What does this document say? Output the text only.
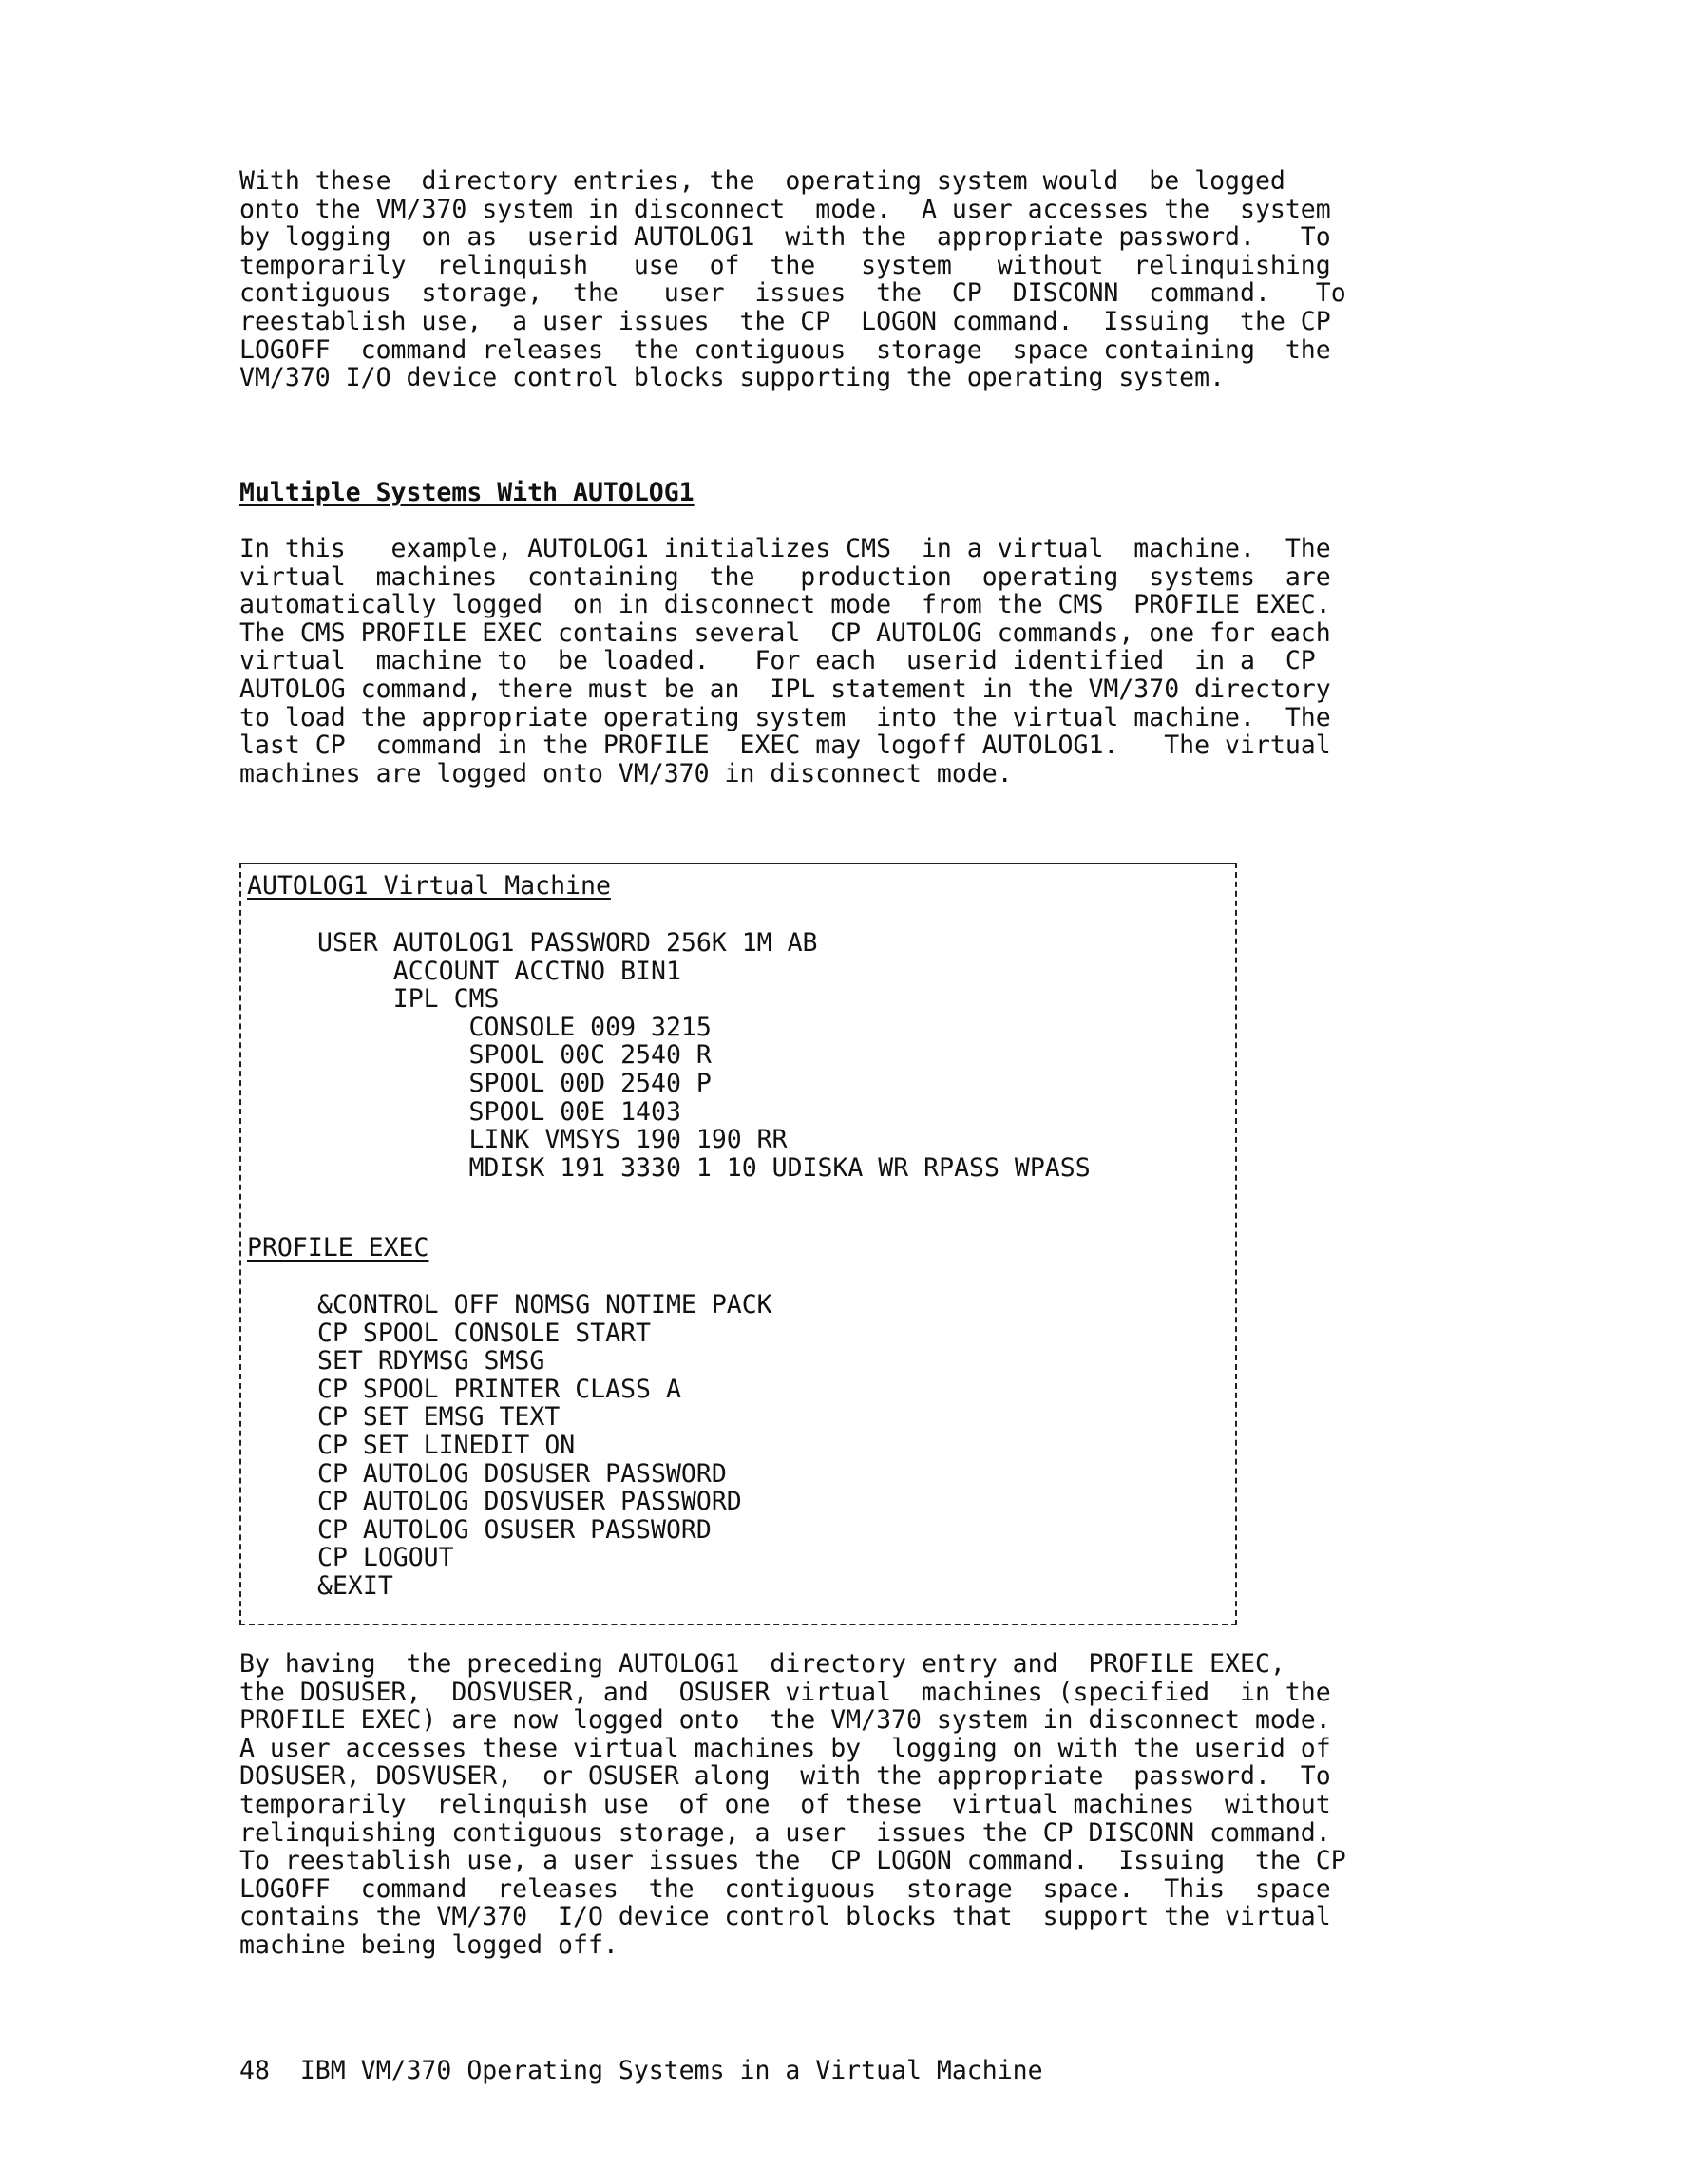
With these  directory entries, the  operating system would  be logged
onto the VM/370 system in disconnect  mode.  A user accesses the  system
by logging  on as  userid AUTOLOG1  with the  appropriate password.   To
temporarily  relinquish   use  of  the   system   without  relinquishing
contiguous  storage,  the   user  issues  the  CP  DISCONN  command.   To
reestablish use,  a user issues  the CP  LOGON command.  Issuing  the CP
LOGOFF  command releases  the contiguous  storage  space containing  the
VM/370 I/O device control blocks supporting the operating system.

Multiple Systems With AUTOLOG1

In this   example, AUTOLOG1 initializes CMS  in a virtual  machine.  The
virtual  machines  containing  the   production  operating  systems  are
automatically logged  on in disconnect mode  from the CMS  PROFILE EXEC.
The CMS PROFILE EXEC contains several  CP AUTOLOG commands, one for each
virtual  machine to  be loaded.   For each  userid identified  in a  CP
AUTOLOG command, there must be an  IPL statement in the VM/370 directory
to load the appropriate operating system  into the virtual machine.  The
last CP  command in the PROFILE  EXEC may logoff AUTOLOG1.   The virtual
machines are logged onto VM/370 in disconnect mode.

AUTOLOG1 Virtual Machine
USER AUTOLOG1 PASSWORD 256K 1M AB
ACCOUNT ACCTNO BIN1
IPL CMS
CONSOLE 009 3215
SPOOL 00C 2540 R
SPOOL 00D 2540 P
SPOOL 00E 1403
LINK VMSYS 190 190 RR
MDISK 191 3330 1 10 UDISKA WR RPASS WPASS
PROFILE EXEC
&CONTROL OFF NOMSG NOTIME PACK
CP SPOOL CONSOLE START
SET RDYMSG SMSG
CP SPOOL PRINTER CLASS A
CP SET EMSG TEXT
CP SET LINEDIT ON
CP AUTOLOG DOSUSER PASSWORD
CP AUTOLOG DOSVUSER PASSWORD
CP AUTOLOG OSUSER PASSWORD
CP LOGOUT
&EXIT

By having  the preceding AUTOLOG1  directory entry and  PROFILE EXEC,
the DOSUSER,  DOSVUSER, and  OSUSER virtual  machines (specified  in the
PROFILE EXEC) are now logged onto  the VM/370 system in disconnect mode.
A user accesses these virtual machines by  logging on with the userid of
DOSUSER, DOSVUSER,  or OSUSER along  with the appropriate  password.  To
temporarily  relinquish use  of one  of these  virtual machines  without
relinquishing contiguous storage, a user  issues the CP DISCONN command.
To reestablish use, a user issues the  CP LOGON command.  Issuing  the CP
LOGOFF  command  releases  the  contiguous  storage  space.  This  space
contains the VM/370  I/O device control blocks that  support the virtual
machine being logged off.

48  IBM VM/370 Operating Systems in a Virtual Machine
